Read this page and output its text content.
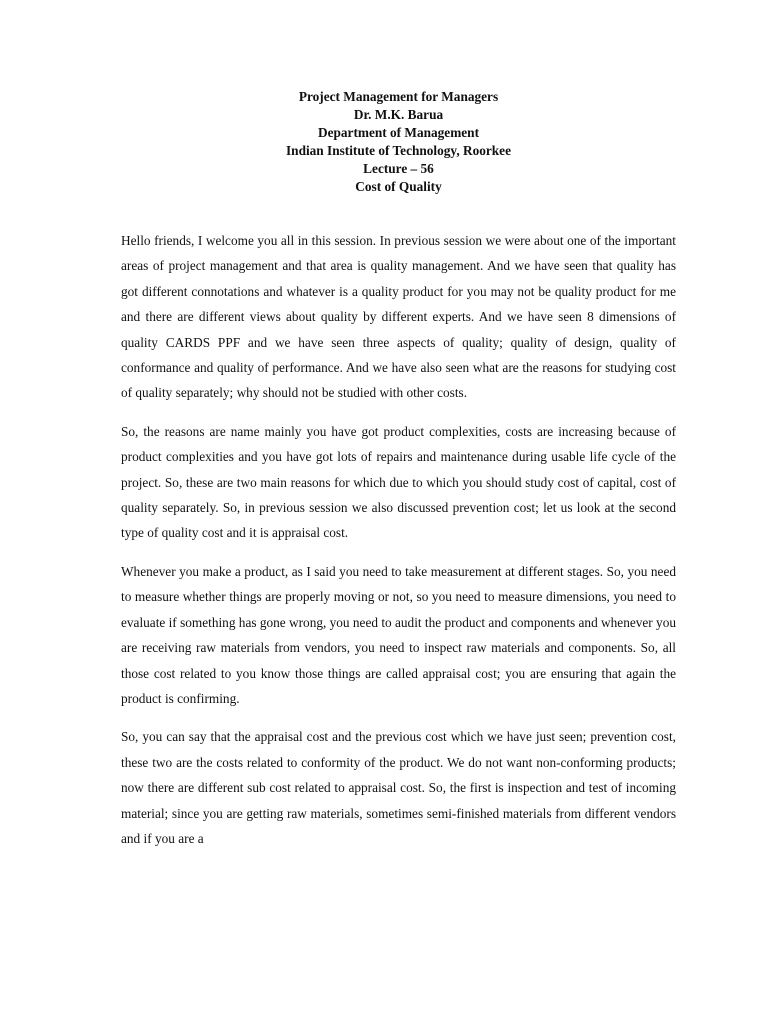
Project Management for Managers
Dr. M.K. Barua
Department of Management
Indian Institute of Technology, Roorkee
Lecture – 56
Cost of Quality

Hello friends, I welcome you all in this session. In previous session we were about one of the important areas of project management and that area is quality management. And we have seen that quality has got different connotations and whatever is a quality product for you may not be quality product for me and there are different views about quality by different experts. And we have seen 8 dimensions of quality CARDS PPF and we have seen three aspects of quality; quality of design, quality of conformance and quality of performance. And we have also seen what are the reasons for studying cost of quality separately; why should not be studied with other costs.

So, the reasons are name mainly you have got product complexities, costs are increasing because of product complexities and you have got lots of repairs and maintenance during usable life cycle of the project. So, these are two main reasons for which due to which you should study cost of capital, cost of quality separately. So, in previous session we also discussed prevention cost; let us look at the second type of quality cost and it is appraisal cost.

Whenever you make a product, as I said you need to take measurement at different stages. So, you need to measure whether things are properly moving or not, so you need to measure dimensions, you need to evaluate if something has gone wrong, you need to audit the product and components and whenever you are receiving raw materials from vendors, you need to inspect raw materials and components. So, all those cost related to you know those things are called appraisal cost; you are ensuring that again the product is confirming.

So, you can say that the appraisal cost and the previous cost which we have just seen; prevention cost, these two are the costs related to conformity of the product. We do not want non-conforming products; now there are different sub cost related to appraisal cost. So, the first is inspection and test of incoming material; since you are getting raw materials, sometimes semi-finished materials from different vendors and if you are a
